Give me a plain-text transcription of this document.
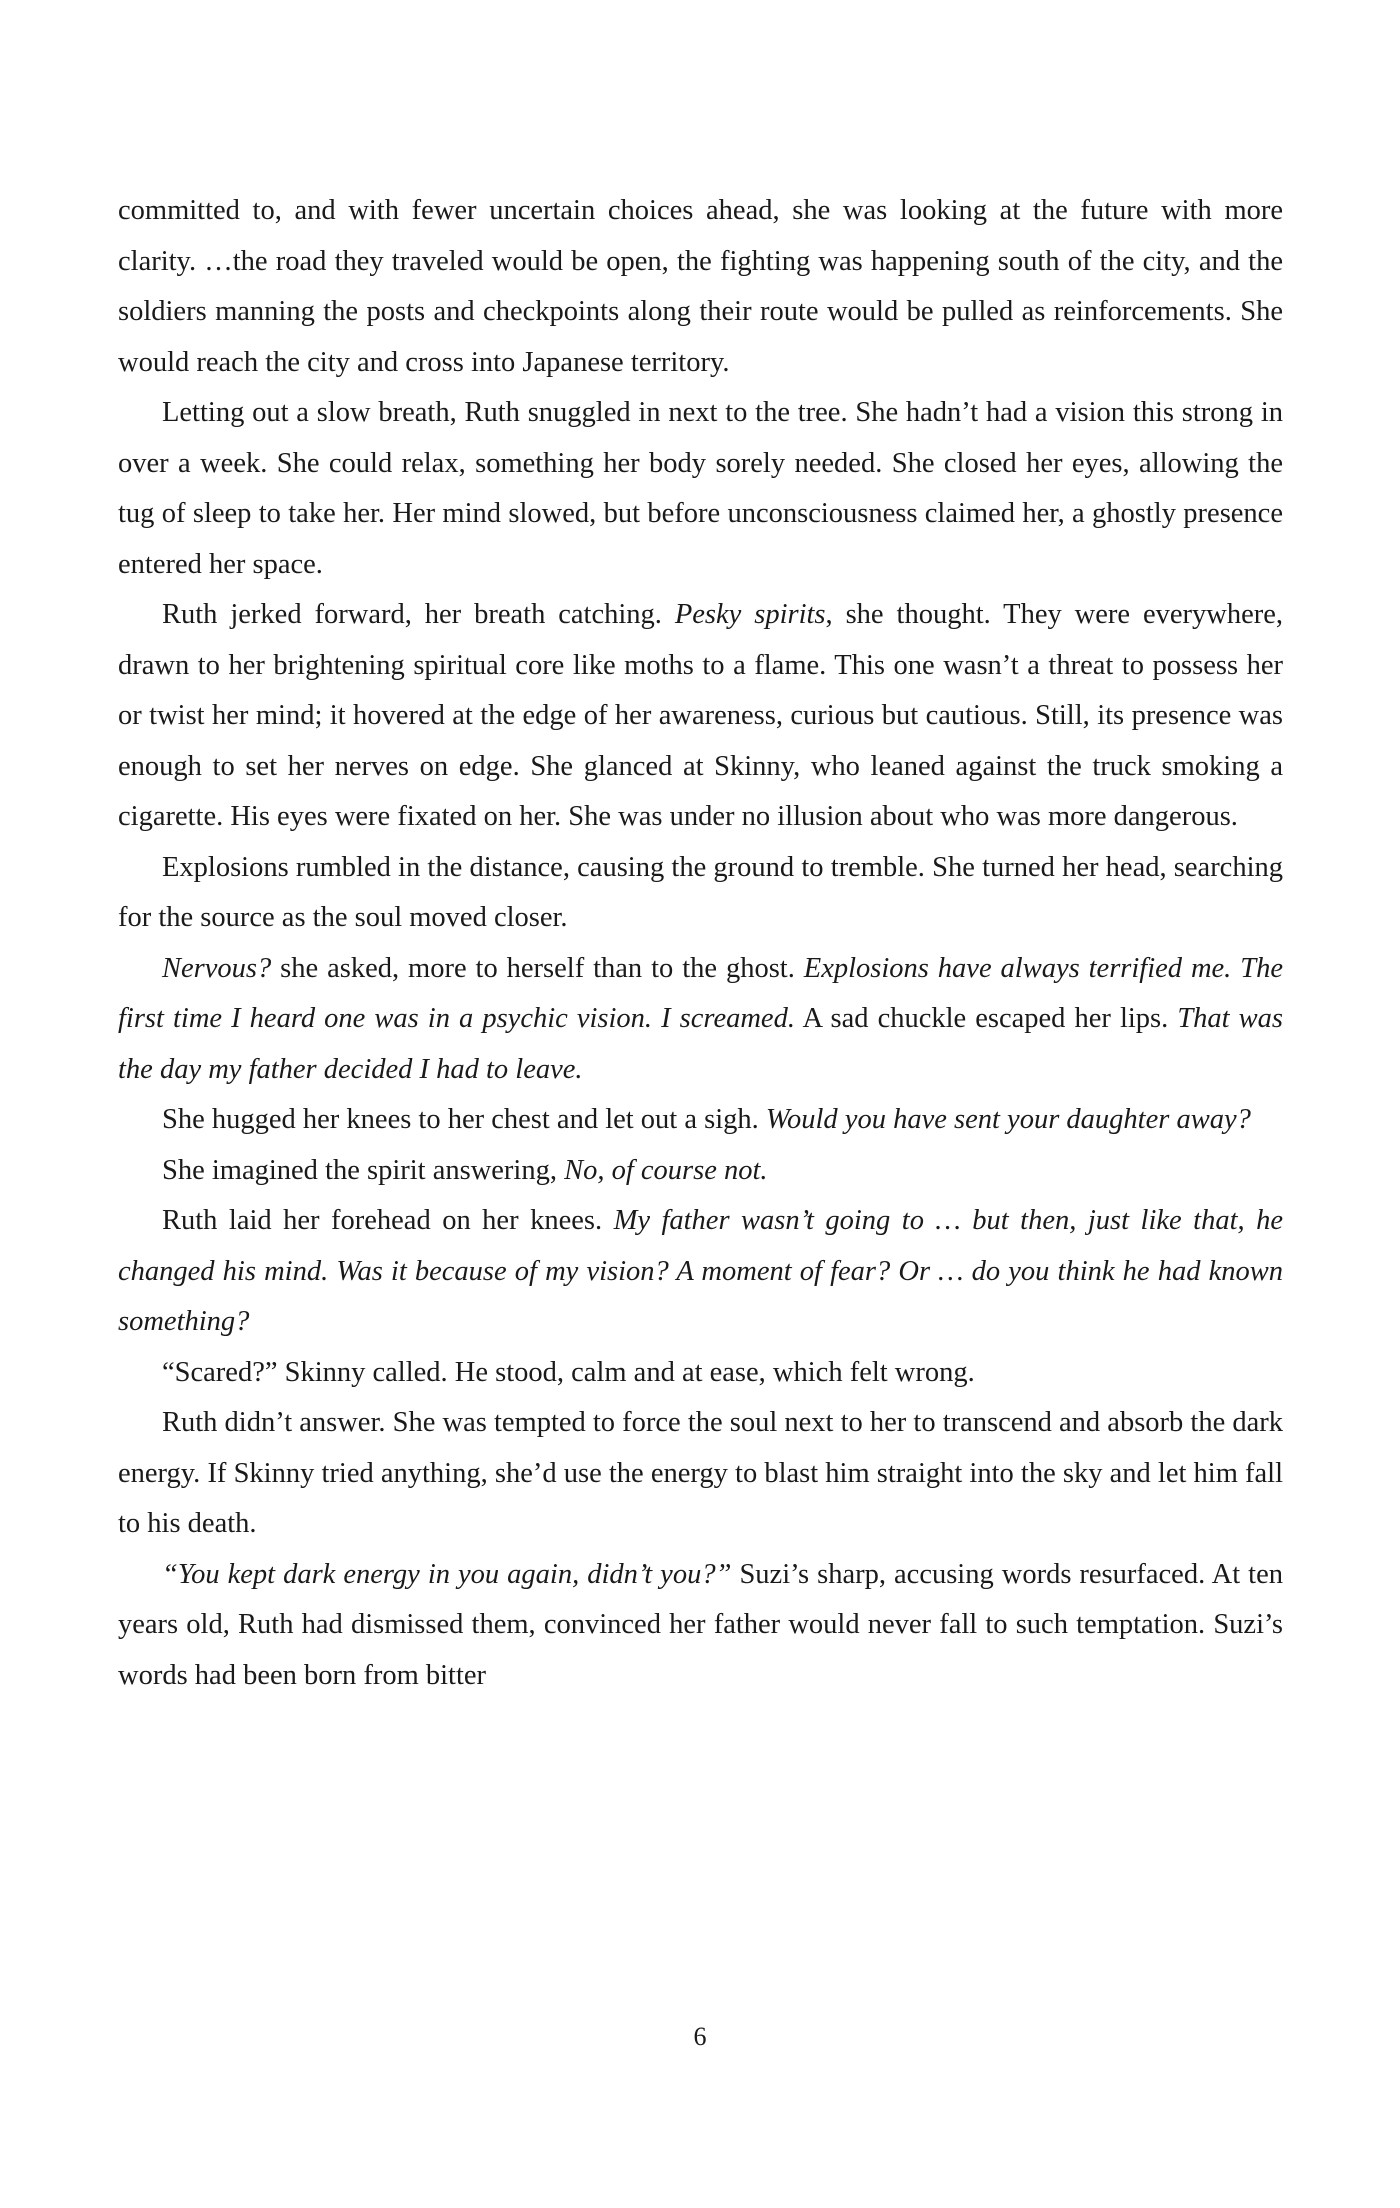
committed to, and with fewer uncertain choices ahead, she was looking at the future with more clarity. …the road they traveled would be open, the fighting was happening south of the city, and the soldiers manning the posts and checkpoints along their route would be pulled as reinforcements. She would reach the city and cross into Japanese territory.

Letting out a slow breath, Ruth snuggled in next to the tree. She hadn’t had a vision this strong in over a week. She could relax, something her body sorely needed. She closed her eyes, allowing the tug of sleep to take her. Her mind slowed, but before unconsciousness claimed her, a ghostly presence entered her space.

Ruth jerked forward, her breath catching. Pesky spirits, she thought. They were everywhere, drawn to her brightening spiritual core like moths to a flame. This one wasn’t a threat to possess her or twist her mind; it hovered at the edge of her awareness, curious but cautious. Still, its presence was enough to set her nerves on edge. She glanced at Skinny, who leaned against the truck smoking a cigarette. His eyes were fixated on her. She was under no illusion about who was more dangerous.

Explosions rumbled in the distance, causing the ground to tremble. She turned her head, searching for the source as the soul moved closer.

Nervous? she asked, more to herself than to the ghost. Explosions have always terrified me. The first time I heard one was in a psychic vision. I screamed. A sad chuckle escaped her lips. That was the day my father decided I had to leave.

She hugged her knees to her chest and let out a sigh. Would you have sent your daughter away?

She imagined the spirit answering, No, of course not.

Ruth laid her forehead on her knees. My father wasn’t going to … but then, just like that, he changed his mind. Was it because of my vision? A moment of fear? Or … do you think he had known something?

“Scared?” Skinny called. He stood, calm and at ease, which felt wrong.

Ruth didn’t answer. She was tempted to force the soul next to her to transcend and absorb the dark energy. If Skinny tried anything, she’d use the energy to blast him straight into the sky and let him fall to his death.

“You kept dark energy in you again, didn’t you?” Suzi’s sharp, accusing words resurfaced. At ten years old, Ruth had dismissed them, convinced her father would never fall to such temptation. Suzi’s words had been born from bitter

6
